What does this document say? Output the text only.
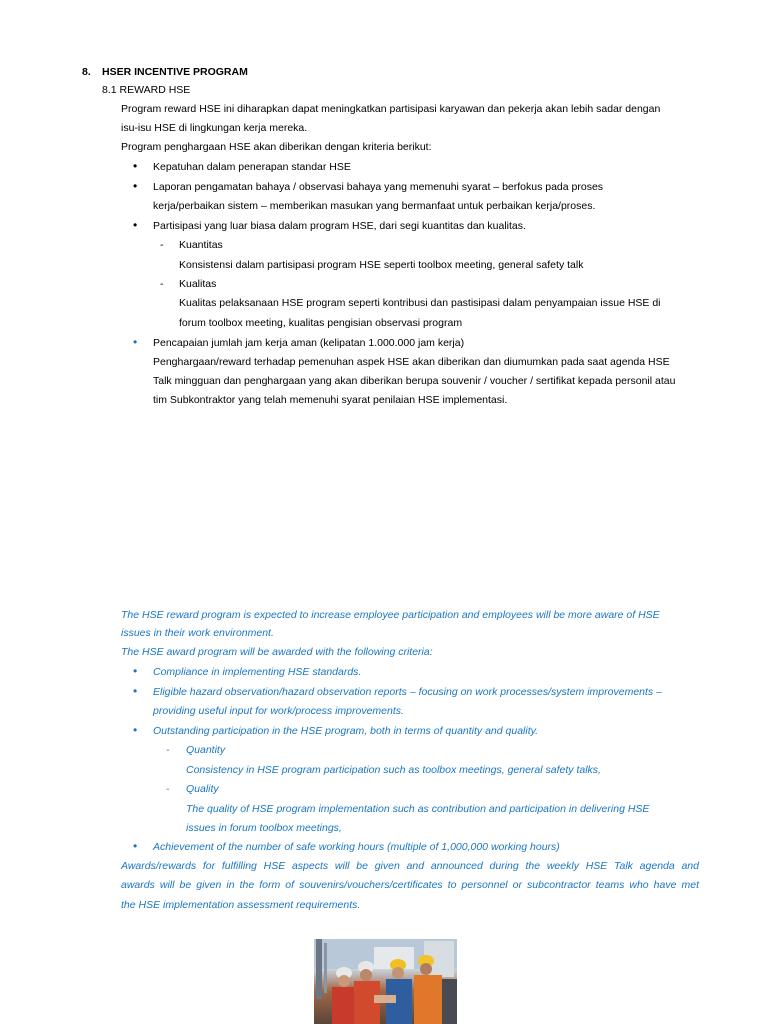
8. HSER INCENTIVE PROGRAM
8.1 REWARD HSE
Program reward HSE ini diharapkan dapat meningkatkan partisipasi karyawan dan pekerja akan lebih sadar dengan
isu-isu HSE di lingkungan kerja mereka.
Program penghargaan HSE akan diberikan dengan kriteria berikut:
• Kepatuhan dalam penerapan standar HSE
• Laporan pengamatan bahaya / observasi bahaya yang memenuhi syarat – berfokus pada proses
kerja/perbaikan sistem – memberikan masukan yang bermanfaat untuk perbaikan kerja/proses.
• Partisipasi yang luar biasa dalam program HSE, dari segi kuantitas dan kualitas.
- Kuantitas
Konsistensi dalam partisipasi program HSE seperti toolbox meeting, general safety talk
- Kualitas
Kualitas pelaksanaan HSE program seperti kontribusi dan pastisipasi dalam penyampaian issue HSE di
forum toolbox meeting, kualitas pengisian observasi program
• Pencapaian jumlah jam kerja aman (kelipatan 1.000.000 jam kerja)
Penghargaan/reward terhadap pemenuhan aspek HSE akan diberikan dan diumumkan pada saat agenda HSE
Talk mingguan dan penghargaan yang akan diberikan berupa souvenir / voucher / sertifikat kepada personil atau
tim Subkontraktor yang telah memenuhi syarat penilaian HSE implementasi.
The HSE reward program is expected to increase employee participation and employees will be more aware of HSE
issues in their work environment.
The HSE award program will be awarded with the following criteria:
• Compliance in implementing HSE standards.
• Eligible hazard observation/hazard observation reports – focusing on work processes/system improvements –
providing useful input for work/process improvements.
• Outstanding participation in the HSE program, both in terms of quantity and quality.
- Quantity
Consistency in HSE program participation such as toolbox meetings, general safety talks,
- Quality
The quality of HSE program implementation such as contribution and participation in delivering HSE
issues in forum toolbox meetings,
• Achievement of the number of safe working hours (multiple of 1,000,000 working hours)
Awards/rewards for fulfilling HSE aspects will be given and announced during the weekly HSE Talk agenda and
awards will be given in the form of souvenirs/vouchers/certificates to personnel or subcontractor teams who have met
the HSE implementation assessment requirements.
